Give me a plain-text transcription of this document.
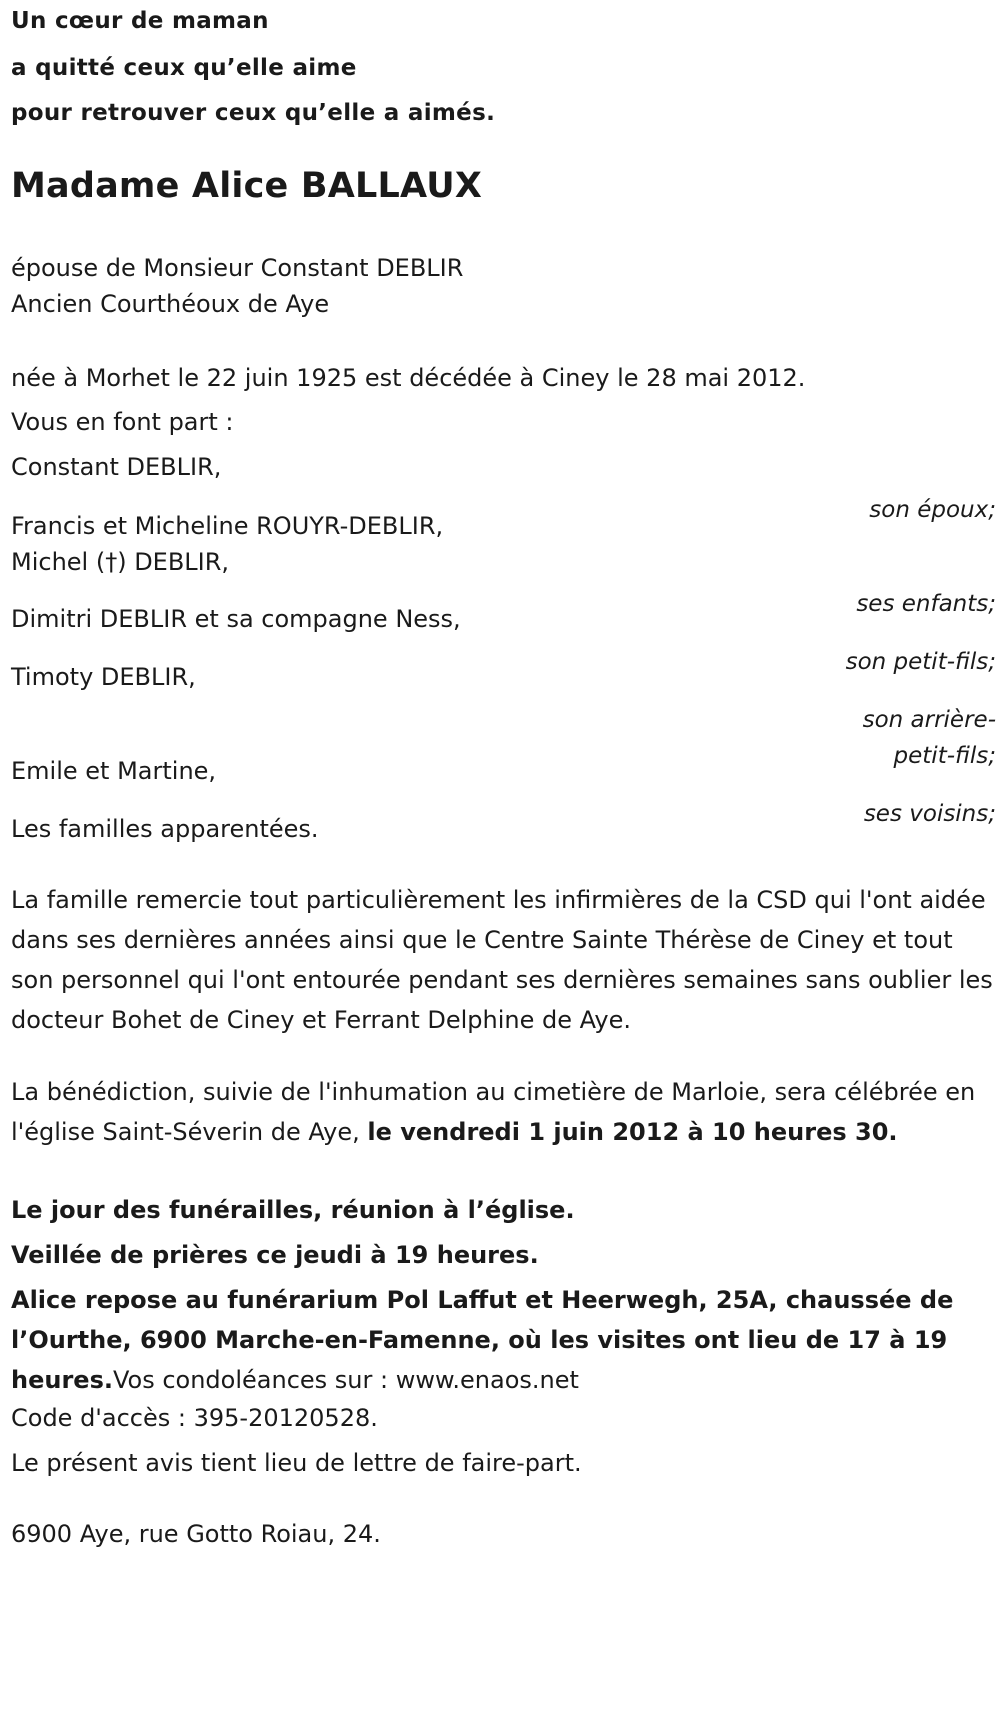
Un cœur de maman

a quitté ceux qu’elle aime

pour retrouver ceux qu’elle a aimés.

Madame Alice BALLAUX

épouse de Monsieur Constant DEBLIR

Ancien Courthéoux de Aye

née à Morhet le 22 juin 1925 est décédée à Ciney le 28 mai 2012.

Vous en font part :

Constant DEBLIR,

son époux;

Francis et Micheline ROUYR-DEBLIR,

Michel (†) DEBLIR,

ses enfants;

Dimitri DEBLIR et sa compagne Ness,

son petit-fils;

Timoty DEBLIR,

son arrière-

petit-fils;

Emile et Martine,

ses voisins;

Les familles apparentées.

La famille remercie tout particulièrement les infirmières de la CSD qui l'ont aidée dans ses dernières années ainsi que le Centre Sainte Thérèse de Ciney et tout son personnel qui l'ont entourée pendant ses dernières semaines sans oublier les docteur Bohet de Ciney et Ferrant Delphine de Aye.

La bénédiction, suivie de l'inhumation au cimetière de Marloie, sera célébrée en l'église Saint-Séverin de Aye, le vendredi 1 juin 2012 à 10 heures 30.

Le jour des funérailles, réunion à l’église.

Veillée de prières ce jeudi à 19 heures.

Alice repose au funérarium Pol Laffut et Heerwegh, 25A, chaussée de l’Ourthe, 6900 Marche-en-Famenne, où les visites ont lieu de 17 à 19 heures.Vos condoléances sur : www.enaos.net

Code d'accès : 395-20120528.

Le présent avis tient lieu de lettre de faire-part.

6900 Aye, rue Gotto Roiau, 24.
